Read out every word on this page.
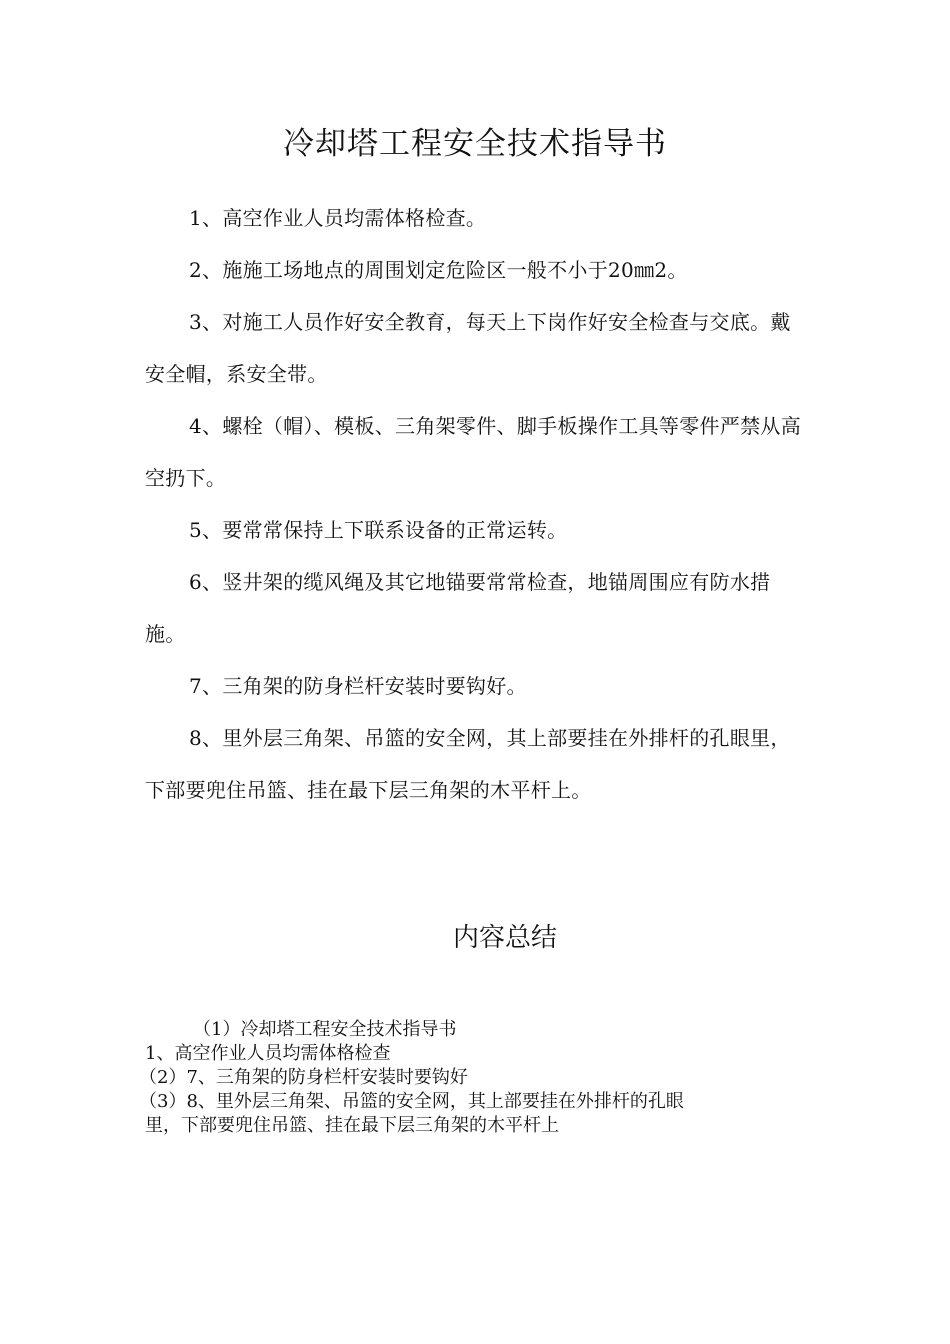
冷却塔工程安全技术指导书

1、高空作业人员均需体格检查。

2、施施工场地点的周围划定危险区一般不小于20㎜2。

3、对施工人员作好安全教育，每天上下岗作好安全检查与交底。戴安全帽，系安全带。

4、螺栓（帽）、模板、三角架零件、脚手板操作工具等零件严禁从高空扔下。

5、要常常保持上下联系设备的正常运转。

6、竖井架的缆风绳及其它地锚要常常检查，地锚周围应有防水措施。

7、三角架的防身栏杆安装时要钩好。

8、里外层三角架、吊篮的安全网，其上部要挂在外排杆的孔眼里，下部要兜住吊篮、挂在最下层三角架的木平杆上。

内容总结

（1）冷却塔工程安全技术指导书

1、高空作业人员均需体格检查

（2）7、三角架的防身栏杆安装时要钩好

（3）8、里外层三角架、吊篮的安全网，其上部要挂在外排杆的孔眼

里，下部要兜住吊篮、挂在最下层三角架的木平杆上
